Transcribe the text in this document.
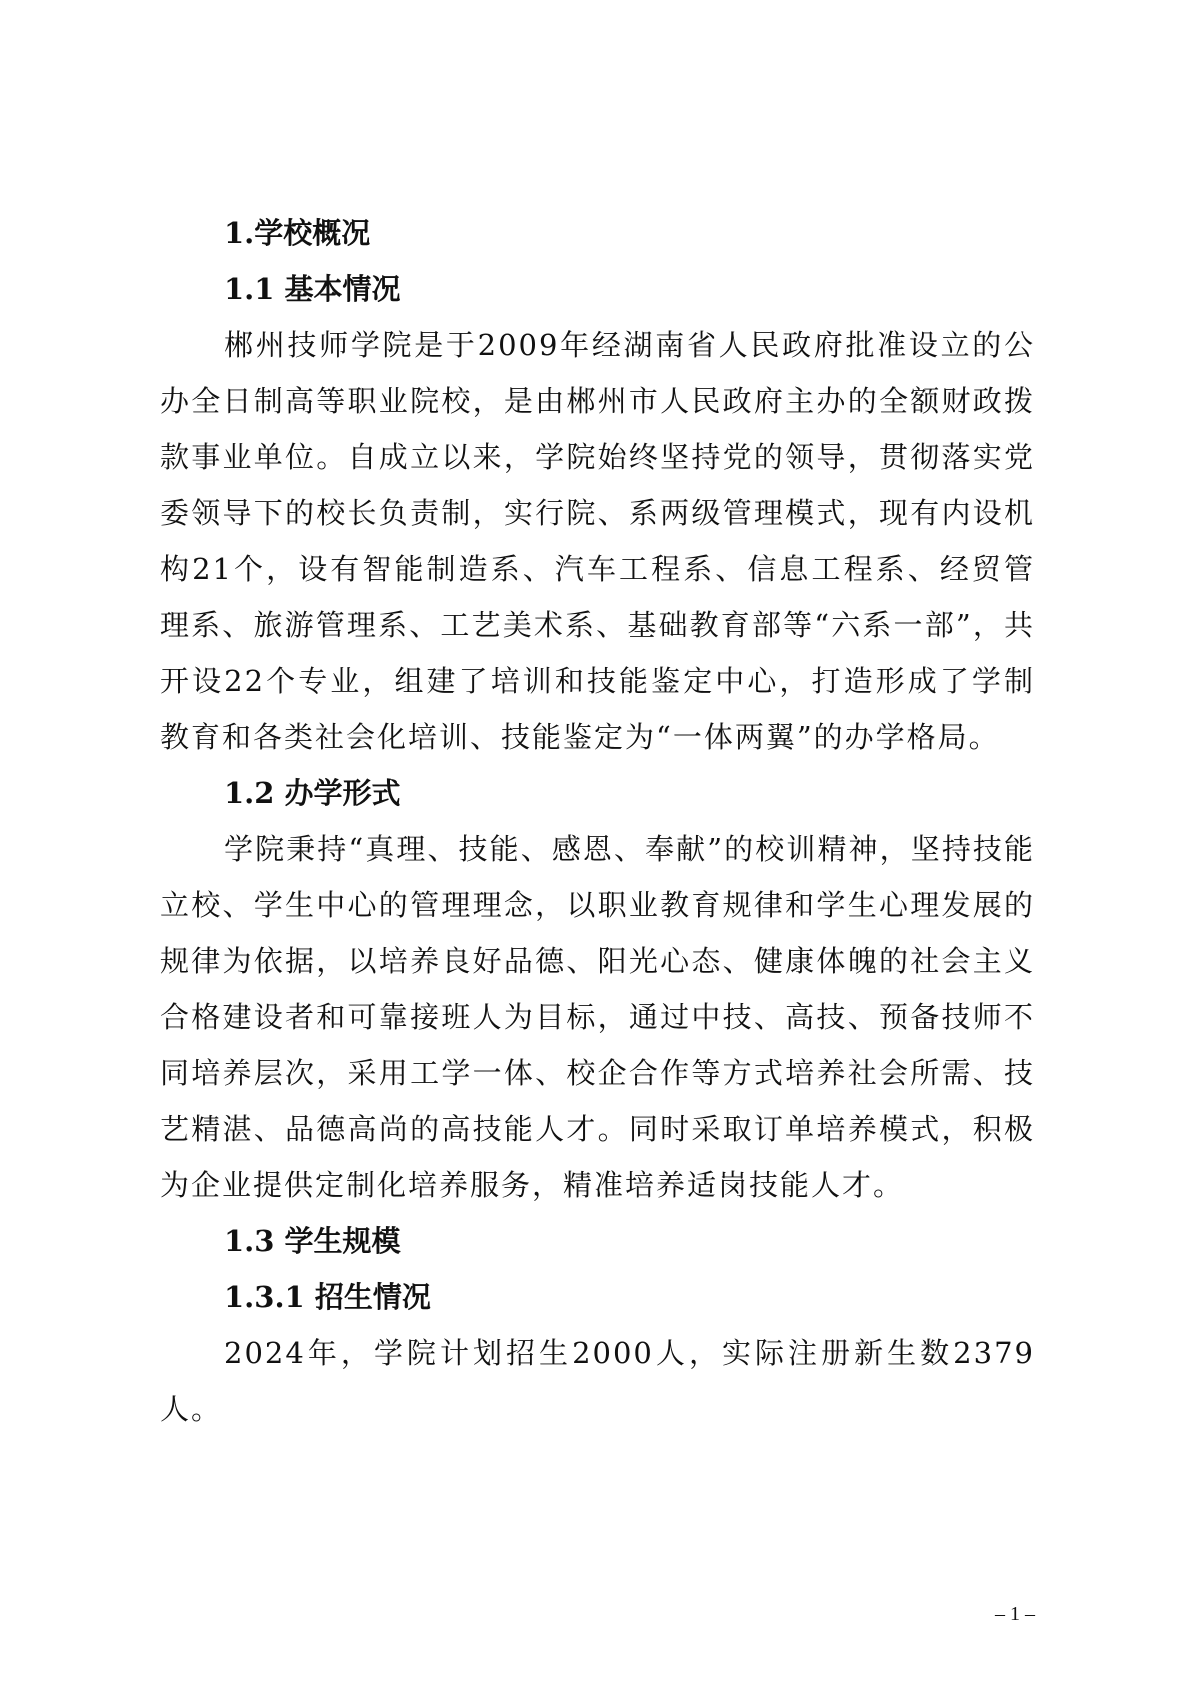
1.学校概况
1.1 基本情况

郴州技师学院是于2009年经湖南省人民政府批准设立的公办全日制高等职业院校，是由郴州市人民政府主办的全额财政拨款事业单位。自成立以来，学院始终坚持党的领导，贯彻落实党委领导下的校长负责制，实行院、系两级管理模式，现有内设机构21个，设有智能制造系、汽车工程系、信息工程系、经贸管理系、旅游管理系、工艺美术系、基础教育部等“六系一部”，共开设22个专业，组建了培训和技能鉴定中心，打造形成了学制教育和各类社会化培训、技能鉴定为“一体两翼”的办学格局。

1.2 办学形式

学院秉持“真理、技能、感恩、奉献”的校训精神，坚持技能立校、学生中心的管理理念，以职业教育规律和学生心理发展的规律为依据，以培养良好品德、阳光心态、健康体魄的社会主义合格建设者和可靠接班人为目标，通过中技、高技、预备技师不同培养层次，采用工学一体、校企合作等方式培养社会所需、技艺精湛、品德高尚的高技能人才。同时采取订单培养模式，积极为企业提供定制化培养服务，精准培养适岗技能人才。

1.3 学生规模
1.3.1 招生情况

2024年，学院计划招生2000人，实际注册新生数2379人。

– 1 –
